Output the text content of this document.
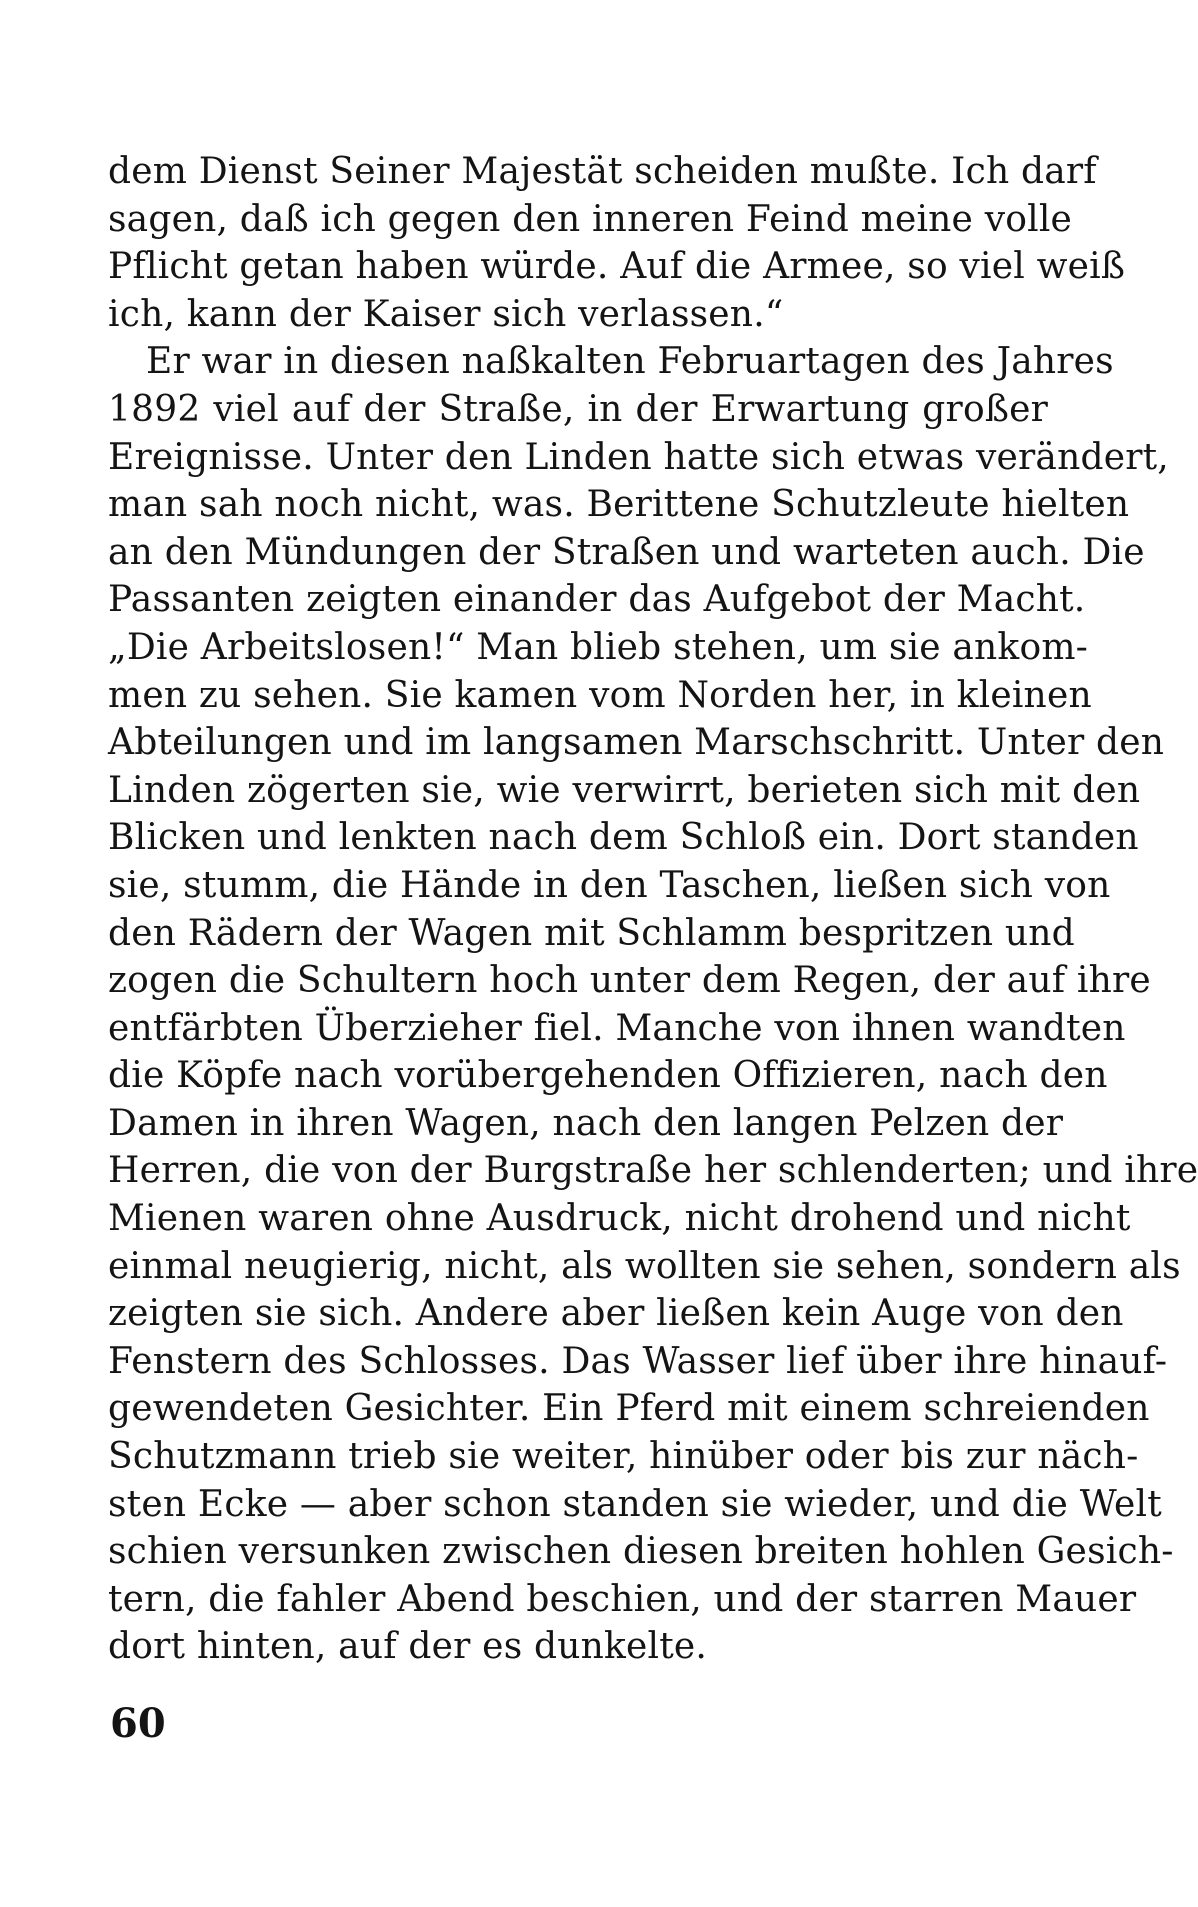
dem Dienst Seiner Majestät scheiden mußte. Ich darf
sagen, daß ich gegen den inneren Feind meine volle
Pflicht getan haben würde. Auf die Armee, so viel weiß
ich, kann der Kaiser sich verlassen.“
Er war in diesen naßkalten Februartagen des Jahres
1892 viel auf der Straße, in der Erwartung großer
Ereignisse. Unter den Linden hatte sich etwas verändert,
man sah noch nicht, was. Berittene Schutzleute hielten
an den Mündungen der Straßen und warteten auch. Die
Passanten zeigten einander das Aufgebot der Macht.
„Die Arbeitslosen!“ Man blieb stehen, um sie ankom-
men zu sehen. Sie kamen vom Norden her, in kleinen
Abteilungen und im langsamen Marschschritt. Unter den
Linden zögerten sie, wie verwirrt, berieten sich mit den
Blicken und lenkten nach dem Schloß ein. Dort standen
sie, stumm, die Hände in den Taschen, ließen sich von
den Rädern der Wagen mit Schlamm bespritzen und
zogen die Schultern hoch unter dem Regen, der auf ihre
entfärbten Überzieher fiel. Manche von ihnen wandten
die Köpfe nach vorübergehenden Offizieren, nach den
Damen in ihren Wagen, nach den langen Pelzen der
Herren, die von der Burgstraße her schlenderten; und ihre
Mienen waren ohne Ausdruck, nicht drohend und nicht
einmal neugierig, nicht, als wollten sie sehen, sondern als
zeigten sie sich. Andere aber ließen kein Auge von den
Fenstern des Schlosses. Das Wasser lief über ihre hinauf-
gewendeten Gesichter. Ein Pferd mit einem schreienden
Schutzmann trieb sie weiter, hinüber oder bis zur näch-
sten Ecke — aber schon standen sie wieder, und die Welt
schien versunken zwischen diesen breiten hohlen Gesich-
tern, die fahler Abend beschien, und der starren Mauer
dort hinten, auf der es dunkelte.
60
